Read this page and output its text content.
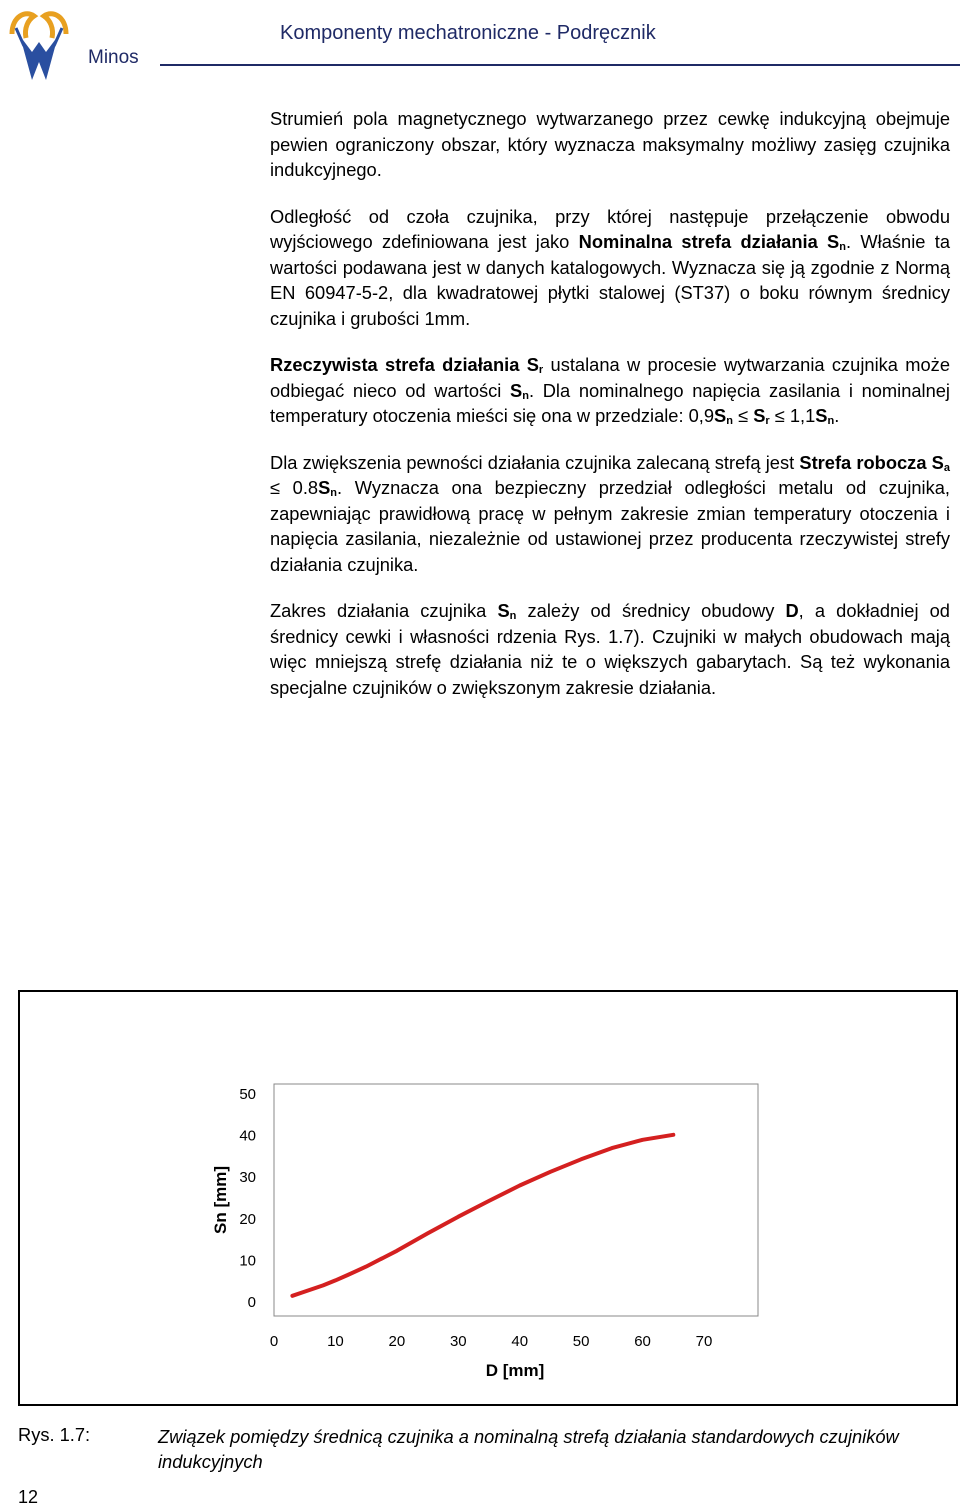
Minos
Komponenty mechatroniczne - Podręcznik

Strumień pola magnetycznego wytwarzanego przez cewkę indukcyjną obejmuje pewien ograniczony obszar, który wyznacza maksymalny możliwy zasięg czujnika indukcyjnego.

Odległość od czoła czujnika, przy której następuje przełączenie obwodu wyjściowego zdefiniowana jest jako Nominalna strefa działania $S_n$. Właśnie ta wartości podawana jest w danych katalogowych. Wyznacza się ją zgodnie z Normą EN 60947-5-2, dla kwadratowej płytki stalowej (ST37) o boku równym średnicy czujnika i grubości 1mm.

Rzeczywista strefa działania $S_r$ ustalana w procesie wytwarzania czujnika może odbiegać nieco od wartości $S_n$. Dla nominalnego napięcia zasilania i nominalnej temperatury otoczenia mieści się ona w przedziale: $0,9S_n \le S_r \le 1,1S_n$.

Dla zwiększenia pewności działania czujnika zalecaną strefą jest Strefa robocza $S_a \le 0.8S_n$. Wyznacza ona bezpieczny przedział odległości metalu od czujnika, zapewniając prawidłową pracę w pełnym zakresie zmian temperatury otoczenia i napięcia zasilania, niezależnie od ustawionej przez producenta rzeczywistej strefy działania czujnika.

Zakres działania czujnika $S_n$ zależy od średnicy obudowy D, a dokładniej od średnicy cewki i własności rdzenia Rys. 1.7). Czujniki w małych obudowach mają więc mniejszą strefę działania niż te o większych gabarytach. Są też wykonania specjalne czujników o zwiększonym zakresie działania.

0	10	20	30	40	50	60	70
0
10
20
30
40
50
D [mm]
Sn [mm]
Rys. 1.7:	Związek pomiędzy średnicą czujnika a nominalną strefą działania standardowych czujników indukcyjnych
12
